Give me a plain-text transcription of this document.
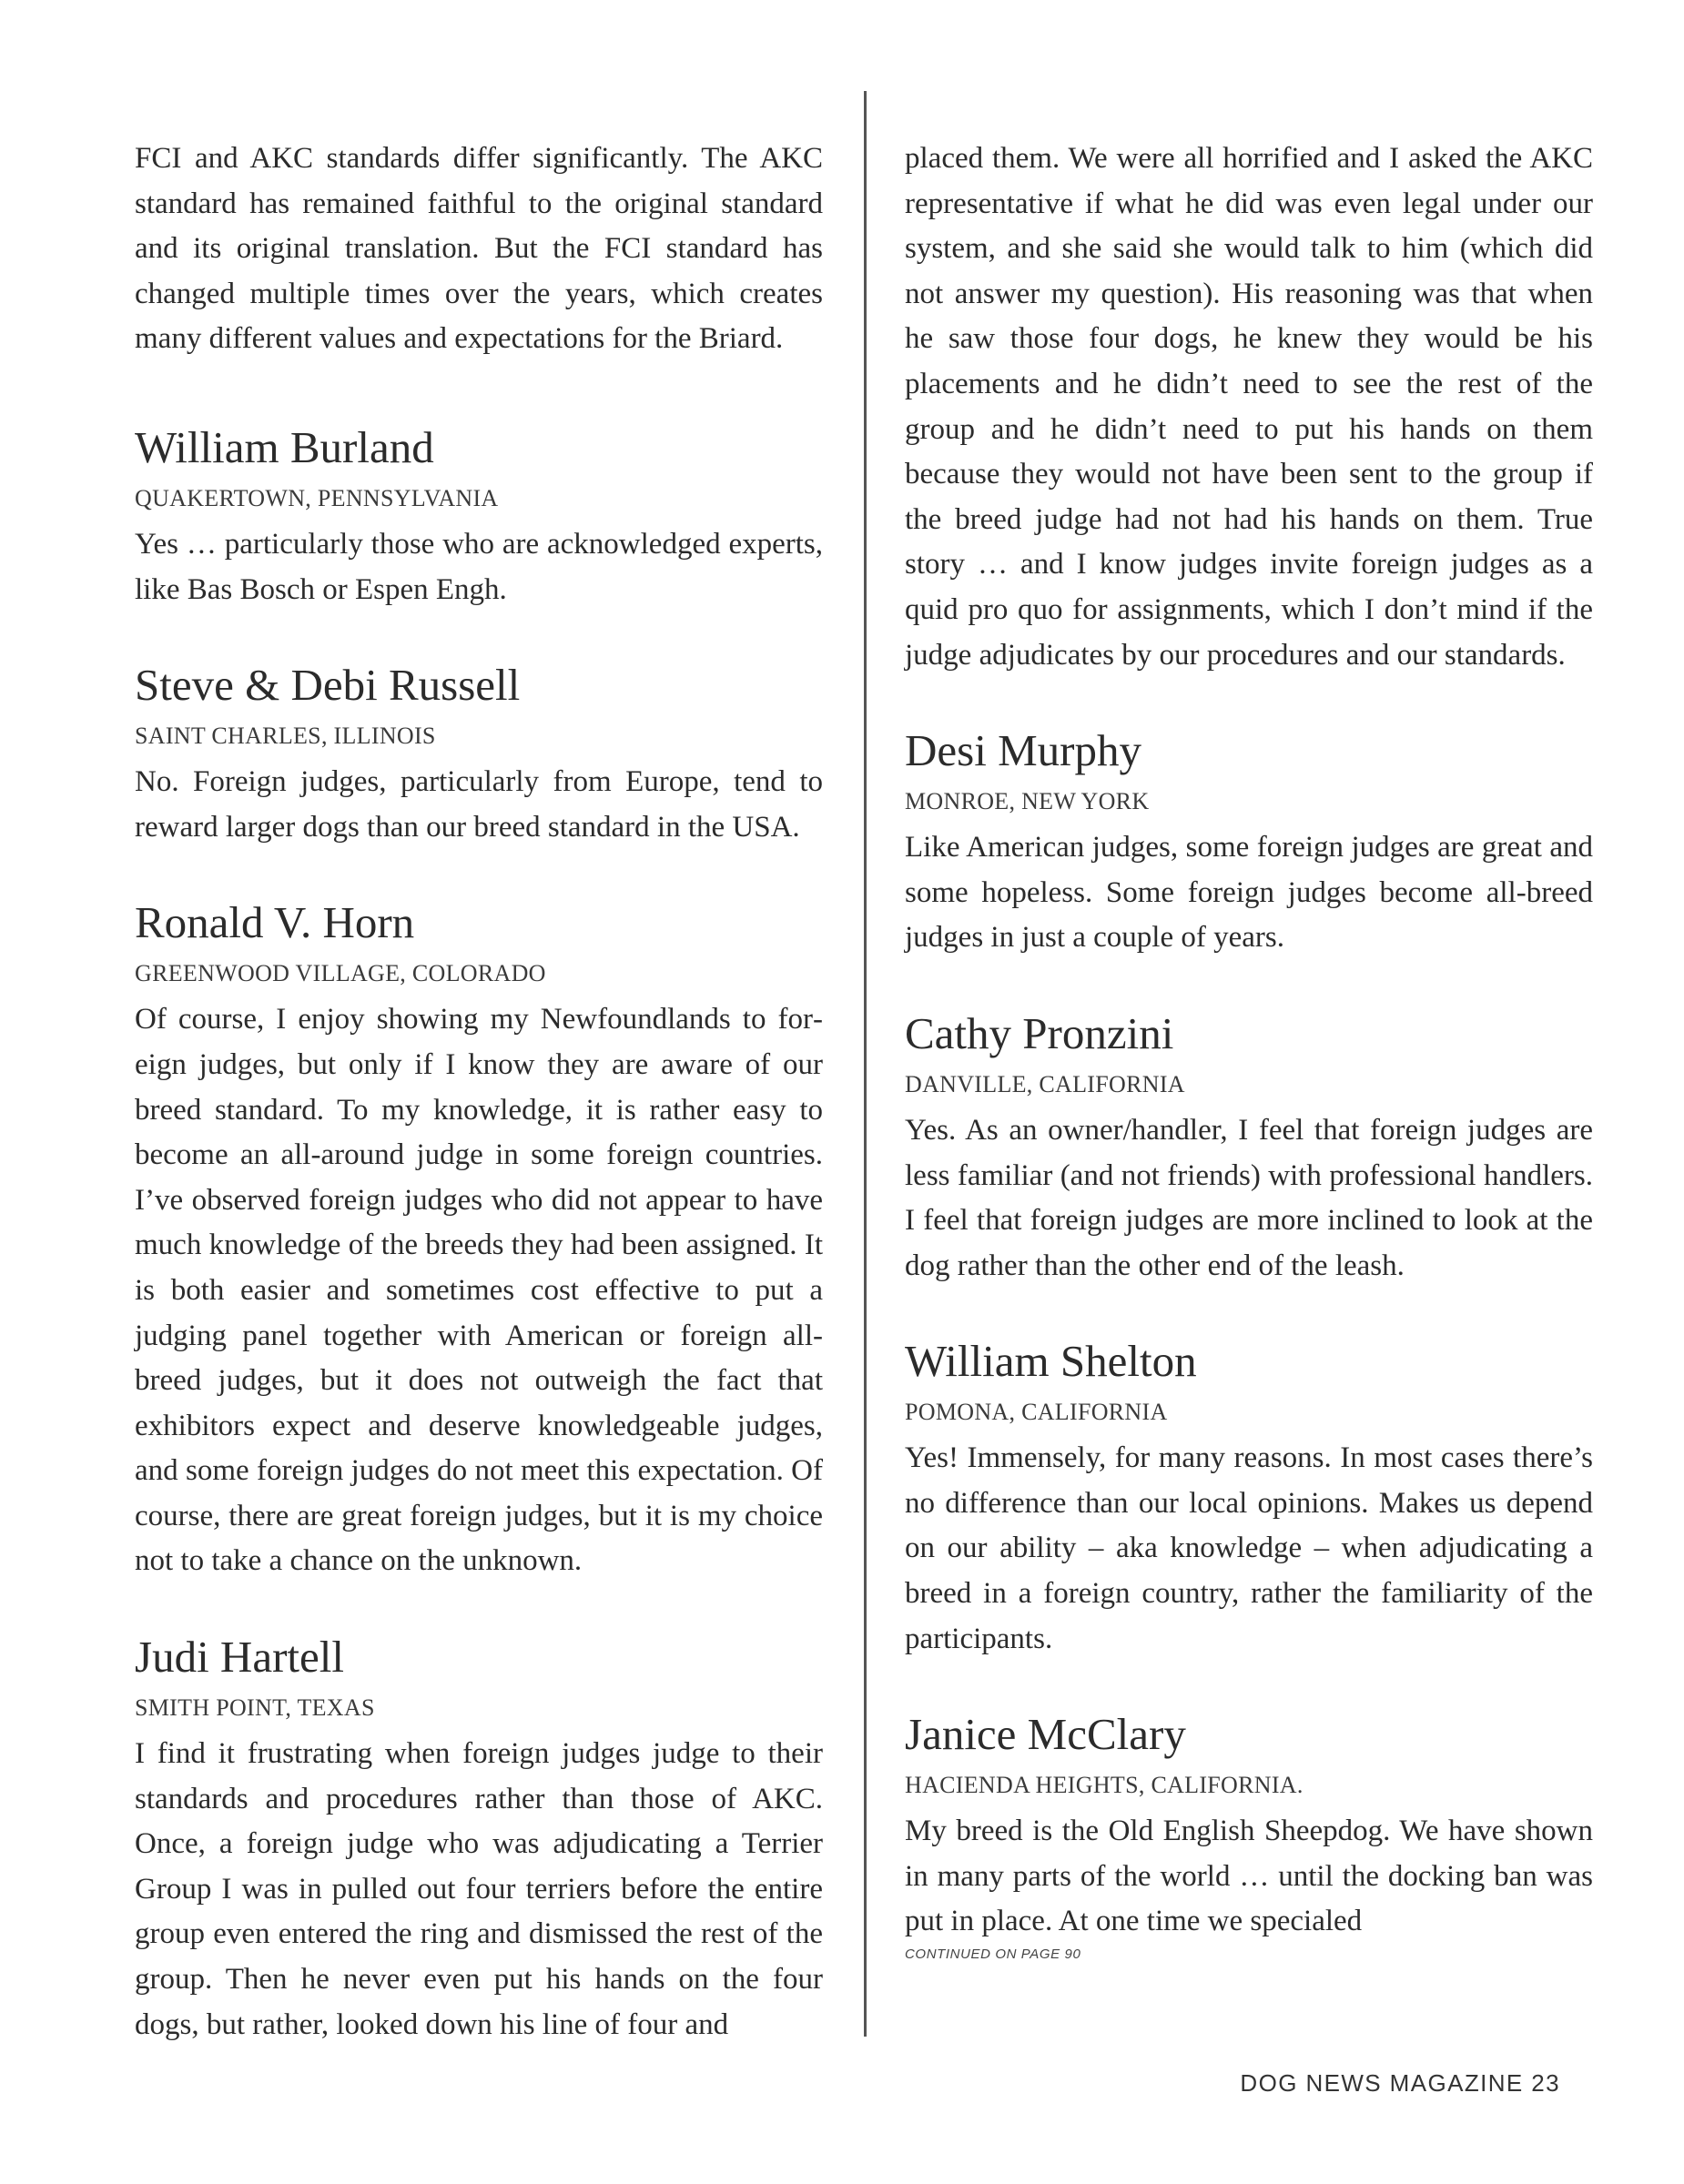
FCI and AKC standards differ significantly. The AKC standard has remained faithful to the original standard and its original translation. But the FCI standard has changed multiple times over the years, which creates many different values and expectations for the Briard.

William Burland
QUAKERTOWN, PENNSYLVANIA

Yes … particularly those who are acknowledged experts, like Bas Bosch or Espen Engh.

Steve & Debi Russell
SAINT CHARLES, ILLINOIS

No. Foreign judges, particularly from Europe, tend to reward larger dogs than our breed standard in the USA.

Ronald V. Horn
GREENWOOD VILLAGE, COLORADO

Of course, I enjoy showing my Newfoundlands to foreign judges, but only if I know they are aware of our breed standard. To my knowledge, it is rather easy to become an all-around judge in some foreign countries. I’ve observed foreign judges who did not appear to have much knowledge of the breeds they had been assigned. It is both easier and sometimes cost effective to put a judging panel together with American or foreign all-breed judges, but it does not outweigh the fact that exhibitors expect and deserve knowledgeable judges, and some foreign judges do not meet this expectation. Of course, there are great foreign judges, but it is my choice not to take a chance on the unknown.

Judi Hartell
SMITH POINT, TEXAS

I find it frustrating when foreign judges judge to their standards and procedures rather than those of AKC. Once, a foreign judge who was adjudicating a Terrier Group I was in pulled out four terriers before the entire group even entered the ring and dismissed the rest of the group. Then he never even put his hands on the four dogs, but rather, looked down his line of four and

placed them. We were all horrified and I asked the AKC representative if what he did was even legal under our system, and she said she would talk to him (which did not answer my question). His reasoning was that when he saw those four dogs, he knew they would be his placements and he didn’t need to see the rest of the group and he didn’t need to put his hands on them because they would not have been sent to the group if the breed judge had not had his hands on them. True story … and I know judges invite foreign judges as a quid pro quo for assignments, which I don’t mind if the judge adjudicates by our procedures and our standards.

Desi Murphy
MONROE, NEW YORK

Like American judges, some foreign judges are great and some hopeless. Some foreign judges become all-breed judges in just a couple of years.

Cathy Pronzini
DANVILLE, CALIFORNIA

Yes. As an owner/handler, I feel that foreign judges are less familiar (and not friends) with professional handlers. I feel that foreign judges are more inclined to look at the dog rather than the other end of the leash.

William Shelton
POMONA, CALIFORNIA

Yes! Immensely, for many reasons. In most cases there’s no difference than our local opinions. Makes us depend on our ability – aka knowledge – when adjudicating a breed in a foreign country, rather the familiarity of the participants.

Janice McClary
HACIENDA HEIGHTS, CALIFORNIA.

My breed is the Old English Sheepdog. We have shown in many parts of the world … until the docking ban was put in place. At one time we specialed

CONTINUED ON PAGE 90
DOG NEWS MAGAZINE 23
